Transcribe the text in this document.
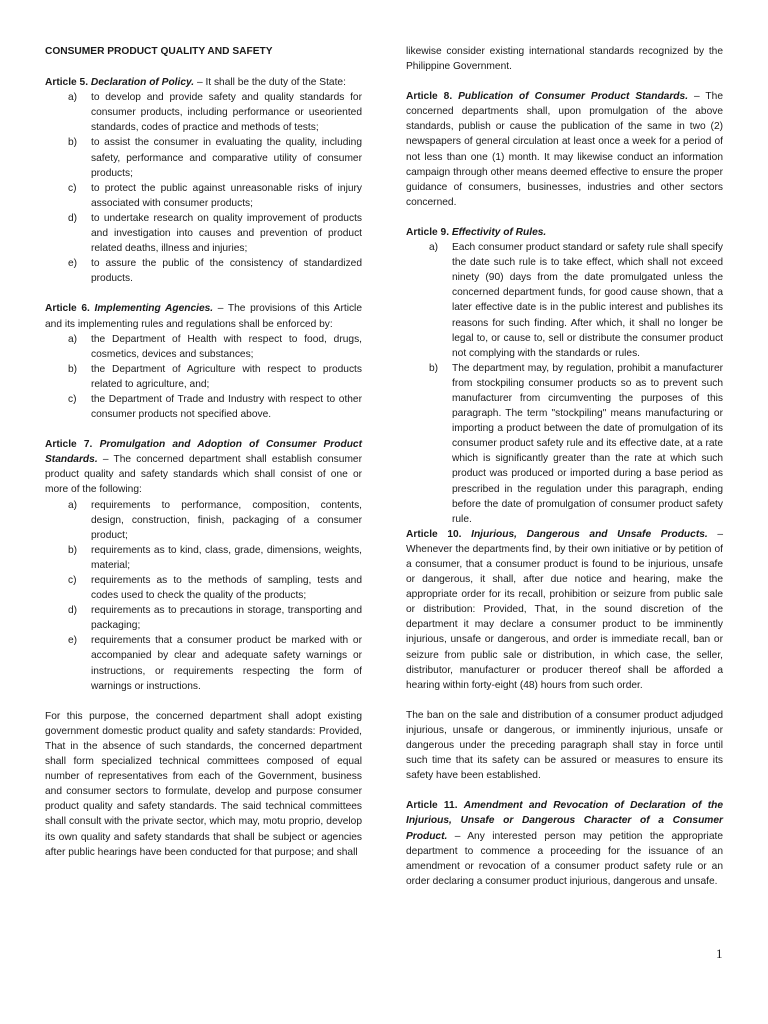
CONSUMER PRODUCT QUALITY AND SAFETY

Article 5. Declaration of Policy. – It shall be the duty of the State:

a) to develop and provide safety and quality standards for consumer products, including performance or useoriented standards, codes of practice and methods of tests;
b) to assist the consumer in evaluating the quality, including safety, performance and comparative utility of consumer products;
c) to protect the public against unreasonable risks of injury associated with consumer products;
d) to undertake research on quality improvement of products and investigation into causes and prevention of product related deaths, illness and injuries;
e) to assure the public of the consistency of standardized products.

Article 6. Implementing Agencies. – The provisions of this Article and its implementing rules and regulations shall be enforced by:

a) the Department of Health with respect to food, drugs, cosmetics, devices and substances;
b) the Department of Agriculture with respect to products related to agriculture, and;
c) the Department of Trade and Industry with respect to other consumer products not specified above.

Article 7. Promulgation and Adoption of Consumer Product Standards. – The concerned department shall establish consumer product quality and safety standards which shall consist of one or more of the following:

a) requirements to performance, composition, contents, design, construction, finish, packaging of a consumer product;
b) requirements as to kind, class, grade, dimensions, weights, material;
c) requirements as to the methods of sampling, tests and codes used to check the quality of the products;
d) requirements as to precautions in storage, transporting and packaging;
e) requirements that a consumer product be marked with or accompanied by clear and adequate safety warnings or instructions, or requirements respecting the form of warnings or instructions.

For this purpose, the concerned department shall adopt existing government domestic product quality and safety standards: Provided, That in the absence of such standards, the concerned department shall form specialized technical committees composed of equal number of representatives from each of the Government, business and consumer sectors to formulate, develop and purpose consumer product quality and safety standards. The said technical committees shall consult with the private sector, which may, motu proprio, develop its own quality and safety standards that shall be subject or agencies after public hearings have been conducted for that purpose; and shall

likewise consider existing international standards recognized by the Philippine Government.

Article 8. Publication of Consumer Product Standards. – The concerned departments shall, upon promulgation of the above standards, publish or cause the publication of the same in two (2) newspapers of general circulation at least once a week for a period of not less than one (1) month. It may likewise conduct an information campaign through other means deemed effective to ensure the proper guidance of consumers, businesses, industries and other sectors concerned.

Article 9. Effectivity of Rules.

a) Each consumer product standard or safety rule shall specify the date such rule is to take effect, which shall not exceed ninety (90) days from the date promulgated unless the concerned department funds, for good cause shown, that a later effective date is in the public interest and publishes its reasons for such finding. After which, it shall no longer be legal to, or cause to, sell or distribute the consumer product not complying with the standards or rules.
b) The department may, by regulation, prohibit a manufacturer from stockpiling consumer products so as to prevent such manufacturer from circumventing the purposes of this paragraph. The term "stockpiling" means manufacturing or importing a product between the date of promulgation of its consumer product safety rule and its effective date, at a rate which is significantly greater than the rate at which such product was produced or imported during a base period as prescribed in the regulation under this paragraph, ending before the date of promulgation of consumer product safety rule.

Article 10. Injurious, Dangerous and Unsafe Products. – Whenever the departments find, by their own initiative or by petition of a consumer, that a consumer product is found to be injurious, unsafe or dangerous, it shall, after due notice and hearing, make the appropriate order for its recall, prohibition or seizure from public sale or distribution: Provided, That, in the sound discretion of the department it may declare a consumer product to be imminently injurious, unsafe or dangerous, and order is immediate recall, ban or seizure from public sale or distribution, in which case, the seller, distributor, manufacturer or producer thereof shall be afforded a hearing within forty-eight (48) hours from such order.

The ban on the sale and distribution of a consumer product adjudged injurious, unsafe or dangerous, or imminently injurious, unsafe or dangerous under the preceding paragraph shall stay in force until such time that its safety can be assured or measures to ensure its safety have been established.

Article 11. Amendment and Revocation of Declaration of the Injurious, Unsafe or Dangerous Character of a Consumer Product. – Any interested person may petition the appropriate department to commence a proceeding for the issuance of an amendment or revocation of a consumer product safety rule or an order declaring a consumer product injurious, dangerous and unsafe.

1
